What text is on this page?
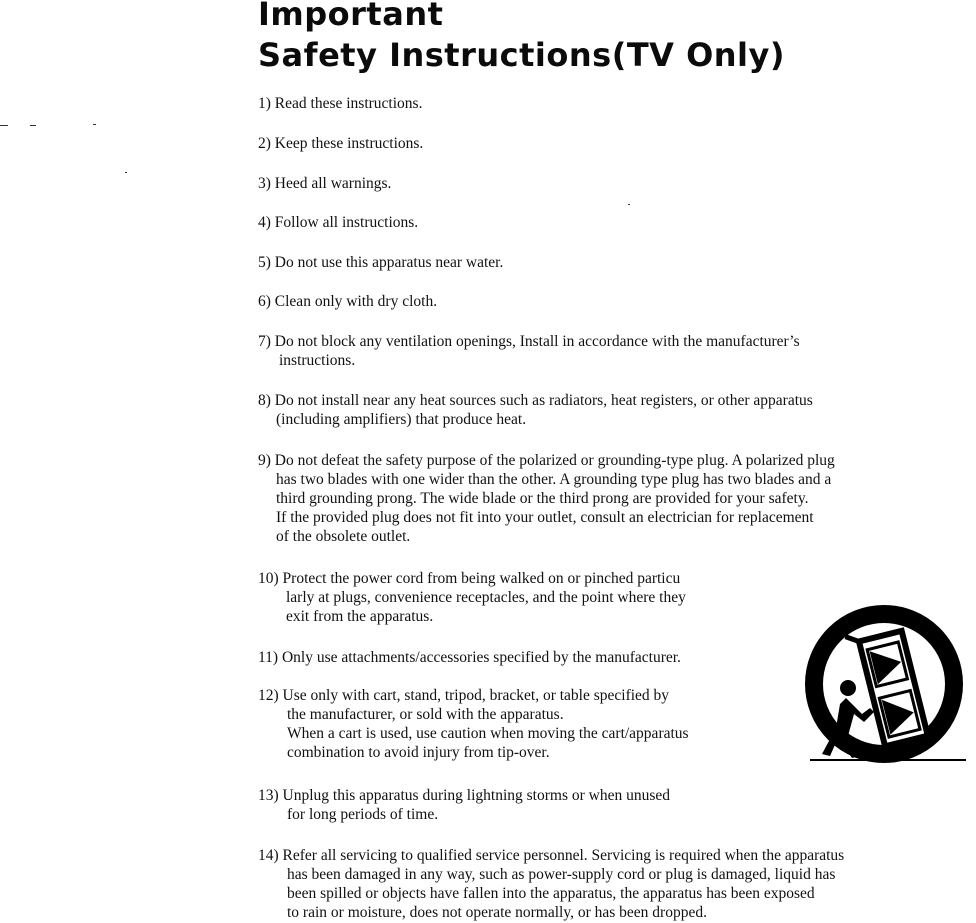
Important
Safety Instructions(TV Only)
1) Read these instructions.
2) Keep these instructions.
3) Heed all warnings.
4) Follow all instructions.
5) Do not use this apparatus near water.
6) Clean only with dry cloth.
7) Do not block any ventilation openings, Install in accordance with the manufacturer’s
instructions.
8) Do not install near any heat sources such as radiators, heat registers, or other apparatus
(including amplifiers) that produce heat.
9) Do not defeat the safety purpose of the polarized or grounding-type plug. A polarized plug
has two blades with one wider than the other. A grounding type plug has two blades and a
third grounding prong. The wide blade or the third prong are provided for your safety.
If the provided plug does not fit into your outlet, consult an electrician for replacement
of the obsolete outlet.
10) Protect the power cord from being walked on or pinched particu
larly at plugs, convenience receptacles, and the point where they
exit from the apparatus.
11) Only use attachments/accessories specified by the manufacturer.
12) Use only with cart, stand, tripod, bracket, or table specified by
the manufacturer, or sold with the apparatus.
When a cart is used, use caution when moving the cart/apparatus
combination to avoid injury from tip-over.
13) Unplug this apparatus during lightning storms or when unused
for long periods of time.
14) Refer all servicing to qualified service personnel. Servicing is required when the apparatus
has been damaged in any way, such as power-supply cord or plug is damaged, liquid has
been spilled or objects have fallen into the apparatus, the apparatus has been exposed
to rain or moisture, does not operate normally, or has been dropped.
